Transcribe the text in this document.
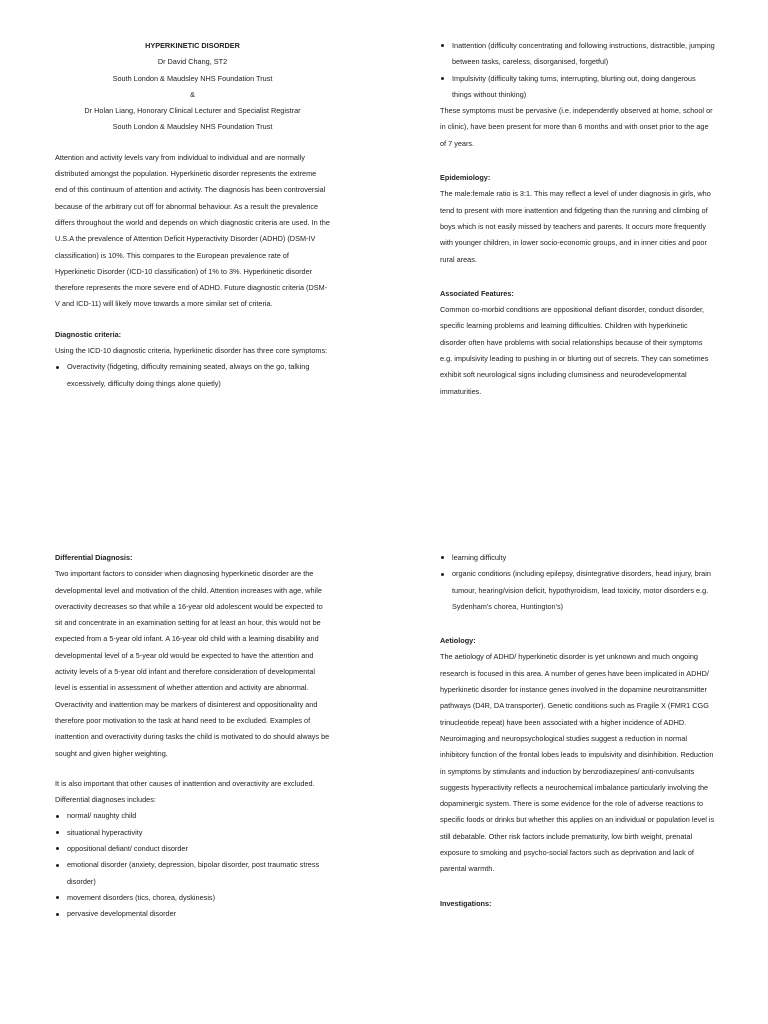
HYPERKINETIC DISORDER
Dr David Chang, ST2
South London & Maudsley NHS Foundation Trust
&
Dr Holan Liang, Honorary Clinical Lecturer and Specialist Registrar
South London & Maudsley NHS Foundation Trust

Attention and activity levels vary from individual to individual and are normally distributed amongst the population. Hyperkinetic disorder represents the extreme end of this continuum of attention and activity. The diagnosis has been controversial because of the arbitrary cut off for abnormal behaviour. As a result the prevalence differs throughout the world and depends on which diagnostic criteria are used. In the U.S.A the prevalence of Attention Deficit Hyperactivity Disorder (ADHD) (DSM-IV classification) is 10%. This compares to the European prevalence rate of Hyperkinetic Disorder (ICD-10 classification) of 1% to 3%. Hyperkinetic disorder therefore represents the more severe end of ADHD. Future diagnostic criteria (DSM-V and ICD-11) will likely move towards a more similar set of criteria.

Diagnostic criteria:
Using the ICD-10 diagnostic criteria, hyperkinetic disorder has three core symptoms:
Overactivity (fidgeting, difficulty remaining seated, always on the go, talking excessively, difficulty doing things alone quietly)
Inattention (difficulty concentrating and following instructions, distractible, jumping between tasks, careless, disorganised, forgetful)
Impulsivity (difficulty taking turns, interrupting, blurting out, doing dangerous things without thinking)

These symptoms must be pervasive (i.e. independently observed at home, school or in clinic), have been present for more than 6 months and with onset prior to the age of 7 years.

Epidemiology:

The male:female ratio is 3:1. This may reflect a level of under diagnosis in girls, who tend to present with more inattention and fidgeting than the running and climbing of boys which is not easily missed by teachers and parents. It occurs more frequently with younger children, in lower socio-economic groups, and in inner cities and poor rural areas.

Associated Features:

Common co-morbid conditions are oppositional defiant disorder, conduct disorder, specific learning problems and learning difficulties. Children with hyperkinetic disorder often have problems with social relationships because of their symptoms e.g. impulsivity leading to pushing in or blurting out of secrets. They can sometimes exhibit soft neurological signs including clumsiness and neurodevelopmental immaturities.

Differential Diagnosis:

Two important factors to consider when diagnosing hyperkinetic disorder are the developmental level and motivation of the child. Attention increases with age, while overactivity decreases so that while a 16-year old adolescent would be expected to sit and concentrate in an examination setting for at least an hour, this would not be expected from a 5-year old infant. A 16-year old child with a learning disability and developmental level of a 5-year old would be expected to have the attention and activity levels of a 5-year old infant and therefore consideration of developmental level is essential in assessment of whether attention and activity are abnormal. Overactivity and inattention may be markers of disinterest and oppositionality and therefore poor motivation to the task at hand need to be excluded. Examples of inattention and overactivity during tasks the child is motivated to do should always be sought and given higher weighting.

It is also important that other causes of inattention and overactivity are excluded.
Differential diagnoses includes:
normal/ naughty child
situational hyperactivity
oppositional defiant/ conduct disorder
emotional disorder (anxiety, depression, bipolar disorder, post traumatic stress disorder)
movement disorders (tics, chorea, dyskinesis)
pervasive developmental disorder
learning difficulty
organic conditions (including epilepsy, disintegrative disorders, head injury, brain tumour, hearing/vision deficit, hypothyroidism, lead toxicity, motor disorders e.g. Sydenham's chorea, Huntington's)
Aetiology:

The aetiology of ADHD/ hyperkinetic disorder is yet unknown and much ongoing research is focused in this area. A number of genes have been implicated in ADHD/ hyperkinetic disorder for instance genes involved in the dopamine neurotransmitter pathways (D4R, DA transporter). Genetic conditions such as Fragile X (FMR1 CGG trinucleotide repeat) have been associated with a higher incidence of ADHD. Neuroimaging and neuropsychological studies suggest a reduction in normal inhibitory function of the frontal lobes leads to impulsivity and disinhibition. Reduction in symptoms by stimulants and induction by benzodiazepines/ anti-convulsants suggests hyperactivity reflects a neurochemical imbalance particularly involving the dopaminergic system. There is some evidence for the role of adverse reactions to specific foods or drinks but whether this applies on an individual or population level is still debatable. Other risk factors include prematurity, low birth weight, prenatal exposure to smoking and psycho-social factors such as deprivation and lack of parental warmth.

Investigations:
